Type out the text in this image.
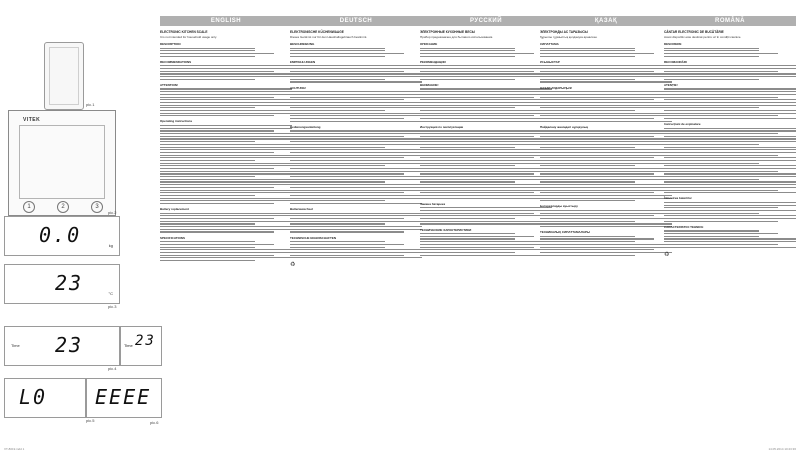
pic.1
VITEK
1	2	3
pic.2
0.0	kg
23	°C
pic.3
Time 23
pic.4
L0
pic.5
Time 23
EEEE
pic.6
ENGLISH
ELECTRONIC KITCHEN SCALE
It is not intended for household usage only.
DESCRIPTION
RECOMMENDATIONS
ATTENTION!
Operating instructions
Battery replacement
SPECIFICATIONS
DEUTSCH
ELEKTRONISCHE KÜCHENWAAGE
Dieses Gerät ist nur für den Haushaltsgebrauch bestimmt.
BESCHREIBUNG
EMPFEHLUNGEN
ACHTUNG!
Bedienungsanleitung
Batteriewechsel
TECHNISCHE EIGENSCHAFTEN
♻
РУССКИЙ
ЭЛЕКТРОННЫЕ КУХОННЫЕ ВЕСЫ
Прибор предназначен для бытового использования.
ОПИСАНИЕ
РЕКОМЕНДАЦИИ
ВНИМАНИЕ!
Инструкция по эксплуатации
Замена батареек
ТЕХНИЧЕСКИЕ ХАРАКТЕРИСТИКИ
ҚАЗАҚ
ЭЛЕКТРОНДЫ АС ТАРАЗЫСЫ
Құрылғы тұрмыстық қолдануға арналған.
СИПАТТАМА
ҰСЫНЫСТАР
НАЗАР АУДАРЫҢЫЗ!
Пайдалану жөніндегі нұсқаулық
Батареяларды ауыстыру
ТЕХНИКАЛЫҚ СИПАТТАМАЛАРЫ
ROMÂNĂ
CÂNTAR ELECTRONIC DE BUCĂTĂRIE
Acest dispozitiv este destinat pentru uz în condiții casnice.
DESCRIERE
RECOMANDĂRI
ATENȚIE!
Instrucțiuni de exploatare
Înlocuirea bateriilor
CARACTERISTICI TEHNICE
♻
VT-8019.indd 1	14.05.2014 10:23:36
